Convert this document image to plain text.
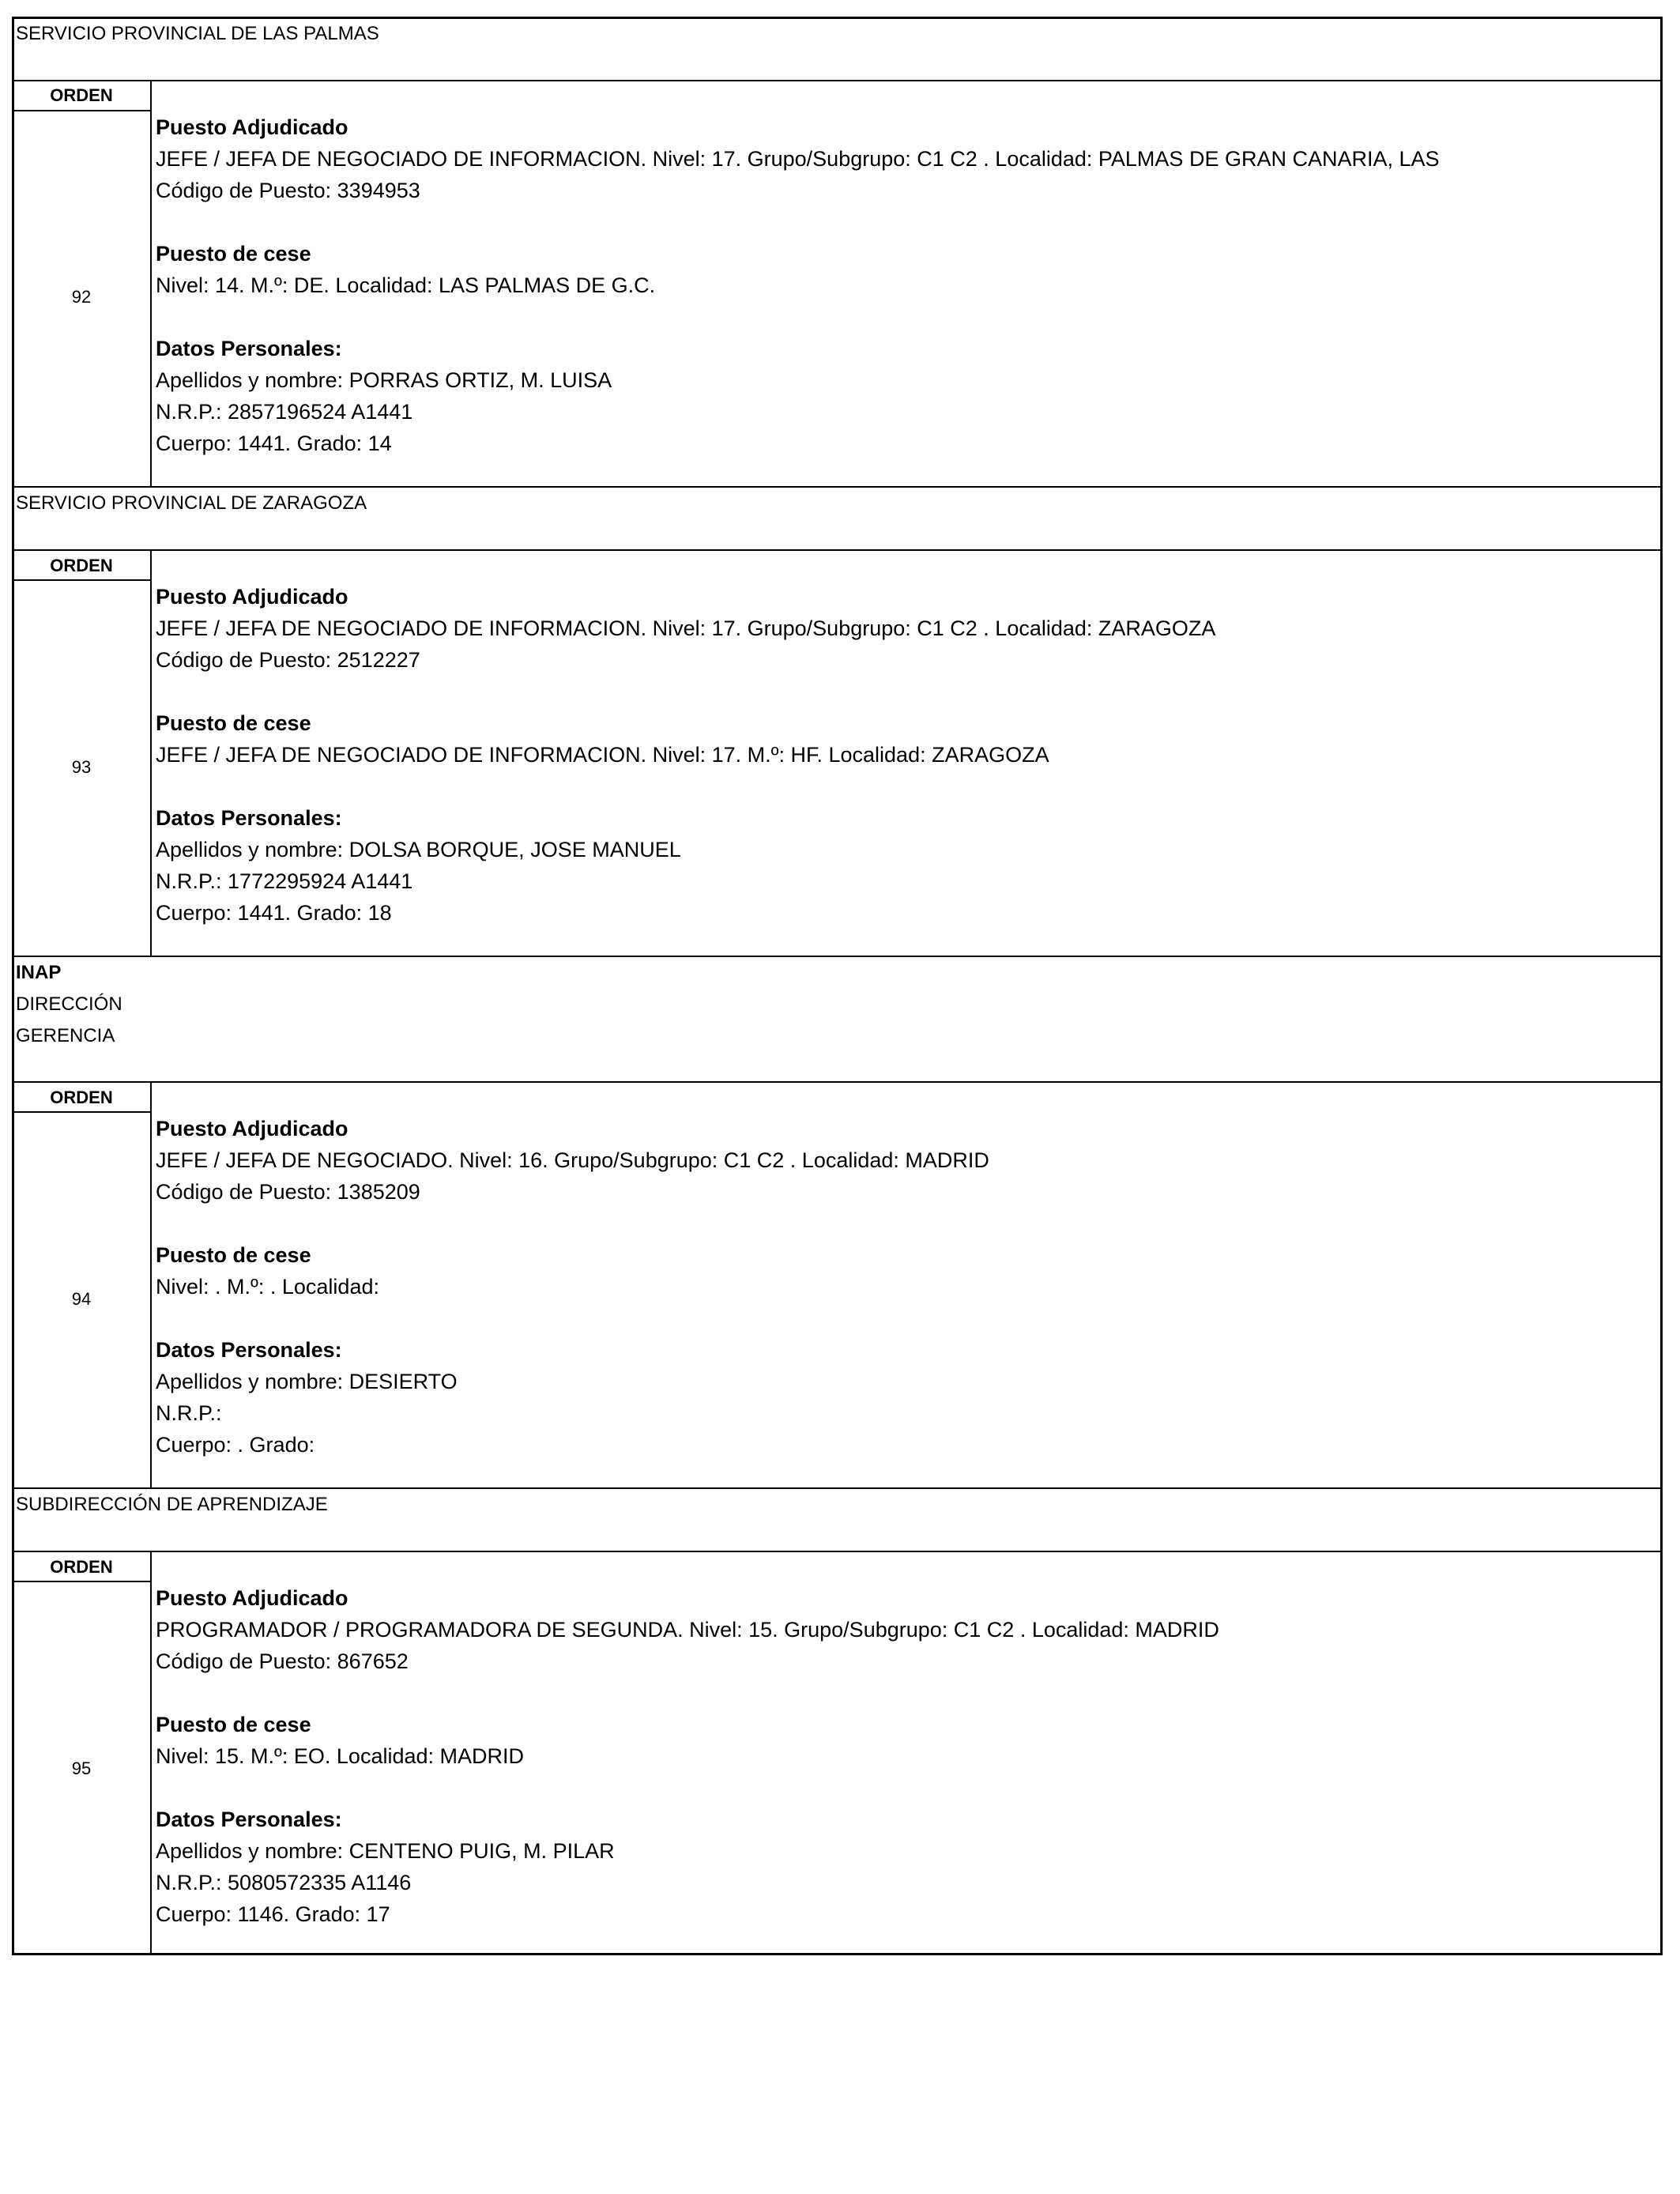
SERVICIO PROVINCIAL DE LAS PALMAS
ORDEN
92
Puesto Adjudicado
JEFE / JEFA DE NEGOCIADO DE INFORMACION. Nivel: 17. Grupo/Subgrupo: C1 C2 . Localidad: PALMAS DE GRAN CANARIA, LAS
Código de Puesto: 3394953
Puesto de cese
Nivel: 14. M.º: DE. Localidad: LAS PALMAS DE G.C.
Datos Personales:
Apellidos y nombre: PORRAS ORTIZ, M. LUISA
N.R.P.: 2857196524 A1441
Cuerpo: 1441. Grado: 14
SERVICIO PROVINCIAL DE ZARAGOZA
ORDEN
93
Puesto Adjudicado
JEFE / JEFA DE NEGOCIADO DE INFORMACION. Nivel: 17. Grupo/Subgrupo: C1 C2 . Localidad: ZARAGOZA
Código de Puesto: 2512227
Puesto de cese
JEFE / JEFA DE NEGOCIADO DE INFORMACION. Nivel: 17. M.º: HF. Localidad: ZARAGOZA
Datos Personales:
Apellidos y nombre: DOLSA BORQUE, JOSE MANUEL
N.R.P.: 1772295924 A1441
Cuerpo: 1441. Grado: 18
INAP
DIRECCIÓN
GERENCIA
ORDEN
94
Puesto Adjudicado
JEFE / JEFA DE NEGOCIADO. Nivel: 16. Grupo/Subgrupo: C1 C2 . Localidad: MADRID
Código de Puesto: 1385209
Puesto de cese
Nivel: . M.º: . Localidad:
Datos Personales:
Apellidos y nombre: DESIERTO
N.R.P.:
Cuerpo: . Grado:
SUBDIRECCIÓN DE APRENDIZAJE
ORDEN
95
Puesto Adjudicado
PROGRAMADOR / PROGRAMADORA DE SEGUNDA. Nivel: 15. Grupo/Subgrupo: C1 C2 . Localidad: MADRID
Código de Puesto: 867652
Puesto de cese
Nivel: 15. M.º: EO. Localidad: MADRID
Datos Personales:
Apellidos y nombre: CENTENO PUIG, M. PILAR
N.R.P.: 5080572335 A1146
Cuerpo: 1146. Grado: 17
